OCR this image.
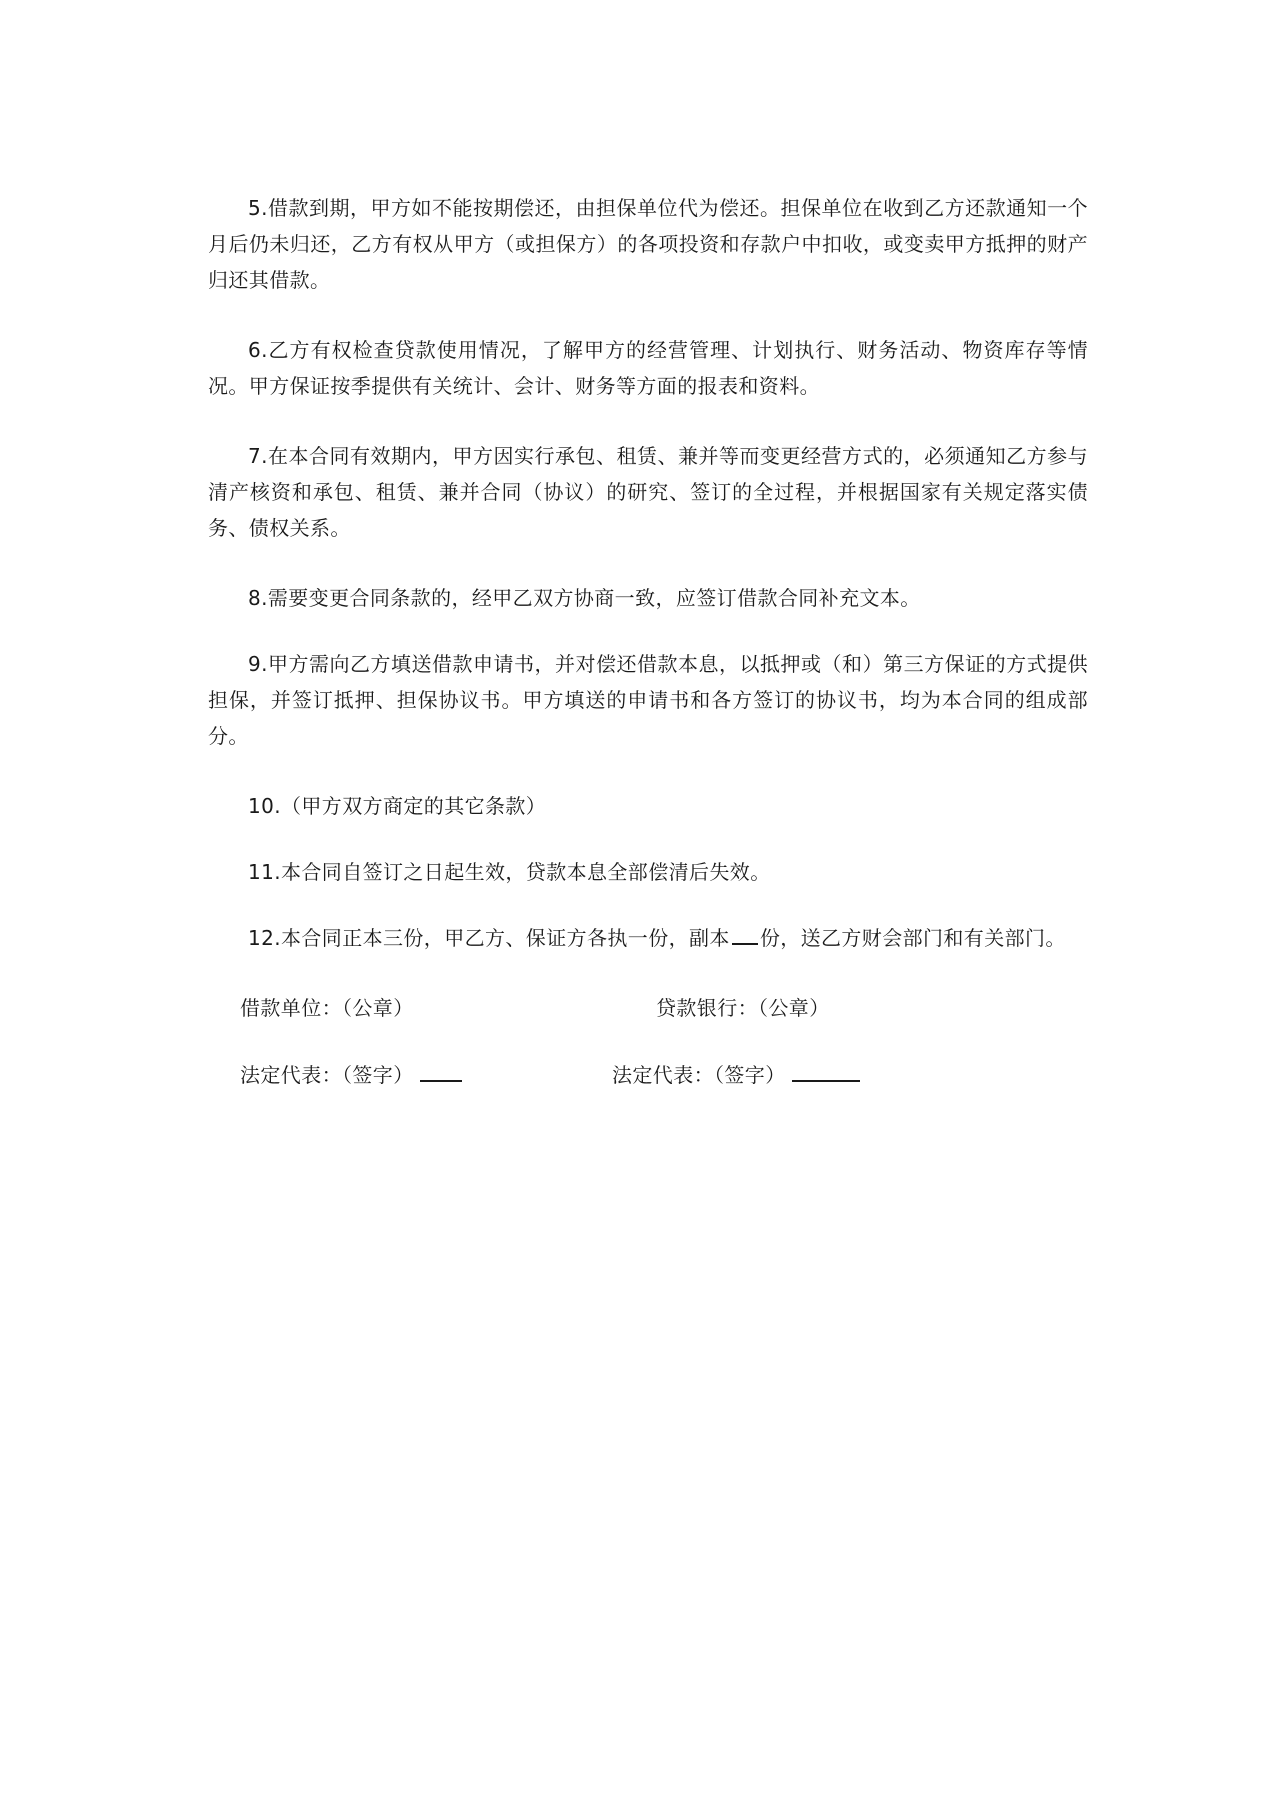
5.借款到期，甲方如不能按期偿还，由担保单位代为偿还。担保单位在收到乙方还款通知一个月后仍未归还，乙方有权从甲方（或担保方）的各项投资和存款户中扣收，或变卖甲方抵押的财产归还其借款。

6.乙方有权检查贷款使用情况，了解甲方的经营管理、计划执行、财务活动、物资库存等情况。甲方保证按季提供有关统计、会计、财务等方面的报表和资料。

7.在本合同有效期内，甲方因实行承包、租赁、兼并等而变更经营方式的，必须通知乙方参与清产核资和承包、租赁、兼并合同（协议）的研究、签订的全过程，并根据国家有关规定落实债务、债权关系。

8.需要变更合同条款的，经甲乙双方协商一致，应签订借款合同补充文本。

9.甲方需向乙方填送借款申请书，并对偿还借款本息，以抵押或（和）第三方保证的方式提供担保，并签订抵押、担保协议书。甲方填送的申请书和各方签订的协议书，均为本合同的组成部分。

10.（甲方双方商定的其它条款）

11.本合同自签订之日起生效，贷款本息全部偿清后失效。

12.本合同正本三份，甲乙方、保证方各执一份，副本 份，送乙方财会部门和有关部门。

借款单位：（公章）	贷款银行：（公章）
法定代表：（签字）	法定代表：（签字）
